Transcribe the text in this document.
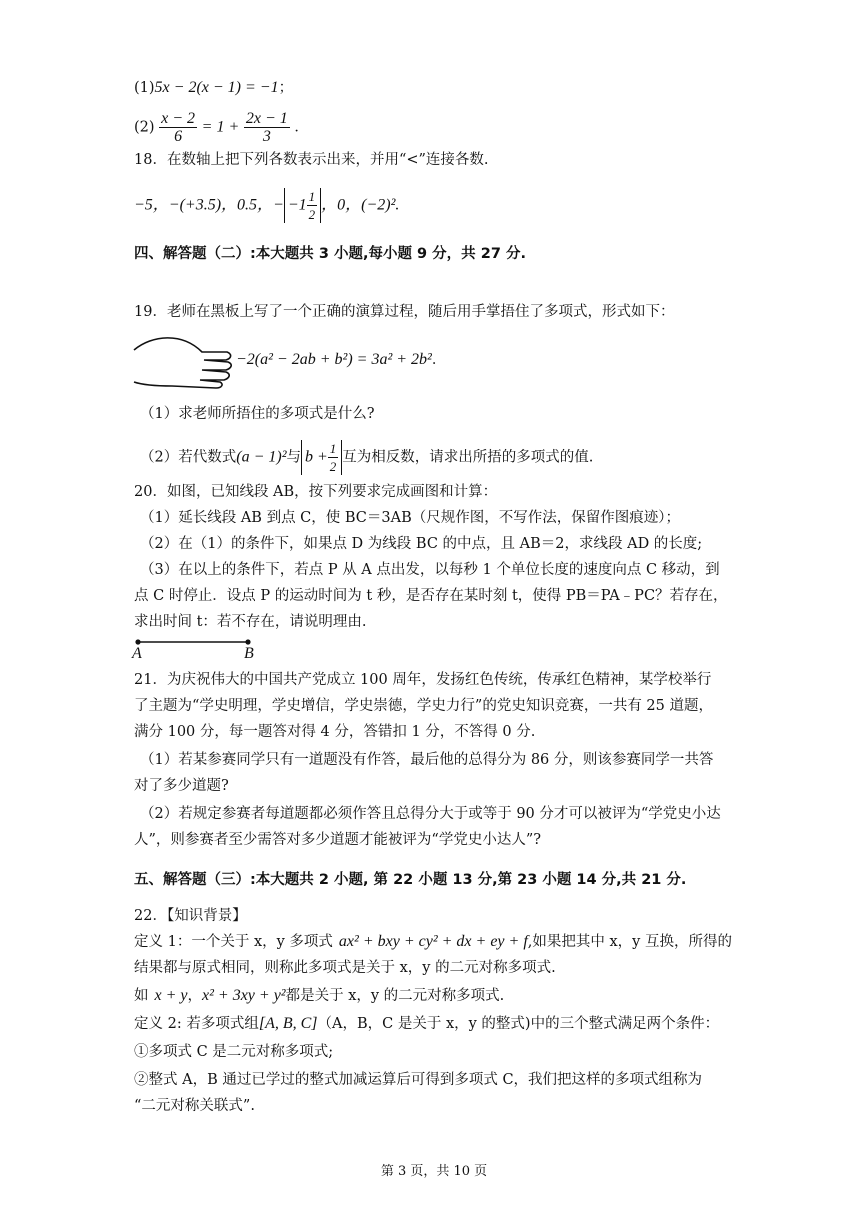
(1)5x − 2(x − 1) = −1；
$(2) \frac{x - 2}{6} = 1 + \frac{2x - 1}{3}$ ．
18．在数轴上把下列各数表示出来，并用“<”连接各数.
−5，−(+3.5)，0.5，− $-1 \frac{1}{2}$ ，0，(−2)².
四、解答题（二）:本大题共 3 小题,每小题 9 分，共 27 分.
19．老师在黑板上写了一个正确的演算过程，随后用手掌捂住了多项式，形式如下：
−2(a² − 2ab + b²) = 3a² + 2b²．
（1）求老师所捂住的多项式是什么?
（2）若代数式(a − 1)²与 $b + \frac{1}{2}$ 互为相反数，请求出所捂的多项式的值.
20．如图，已知线段 AB，按下列要求完成画图和计算：
（1）延长线段 AB 到点 C，使 BC＝3AB（尺规作图，不写作法，保留作图痕迹）；
（2）在（1）的条件下，如果点 D 为线段 BC 的中点，且 AB＝2，求线段 AD 的长度;
（3）在以上的条件下，若点 P 从 A 点出发，以每秒 1 个单位长度的速度向点 C 移动，到
点 C 时停止．设点 P 的运动时间为 t 秒，是否存在某时刻 t，使得 PB＝PA﹣PC？若存在，
求出时间 t：若不存在，请说明理由.
A	B
21．为庆祝伟大的中国共产党成立 100 周年，发扬红色传统，传承红色精神，某学校举行
了主题为“学史明理，学史增信，学史崇德，学史力行”的党史知识竞赛，一共有 25 道题，
满分 100 分，每一题答对得 4 分，答错扣 1 分，不答得 0 分.
（1）若某参赛同学只有一道题没有作答，最后他的总得分为 86 分，则该参赛同学一共答
对了多少道题?
（2）若规定参赛者每道题都必须作答且总得分大于或等于 90 分才可以被评为“学党史小达
人”，则参赛者至少需答对多少道题才能被评为“学党史小达人”?
五、解答题（三）:本大题共 2 小题, 第 22 小题 13 分,第 23 小题 14 分,共 21 分.
22．【知识背景】
定义 1：一个关于 x，y 多项式 ax² + bxy + cy² + dx + ey + f,如果把其中 x，y 互换，所得的
结果都与原式相同，则称此多项式是关于 x，y 的二元对称多项式.
如 x + y，x² + 3xy + y²都是关于 x，y 的二元对称多项式.
定义 2: 若多项式组[A, B, C]（A，B，C 是关于 x，y 的整式)中的三个整式满足两个条件：
①多项式 C 是二元对称多项式;
②整式 A，B 通过已学过的整式加减运算后可得到多项式 C，我们把这样的多项式组称为
“二元对称关联式”.
第 3 页，共 10 页
